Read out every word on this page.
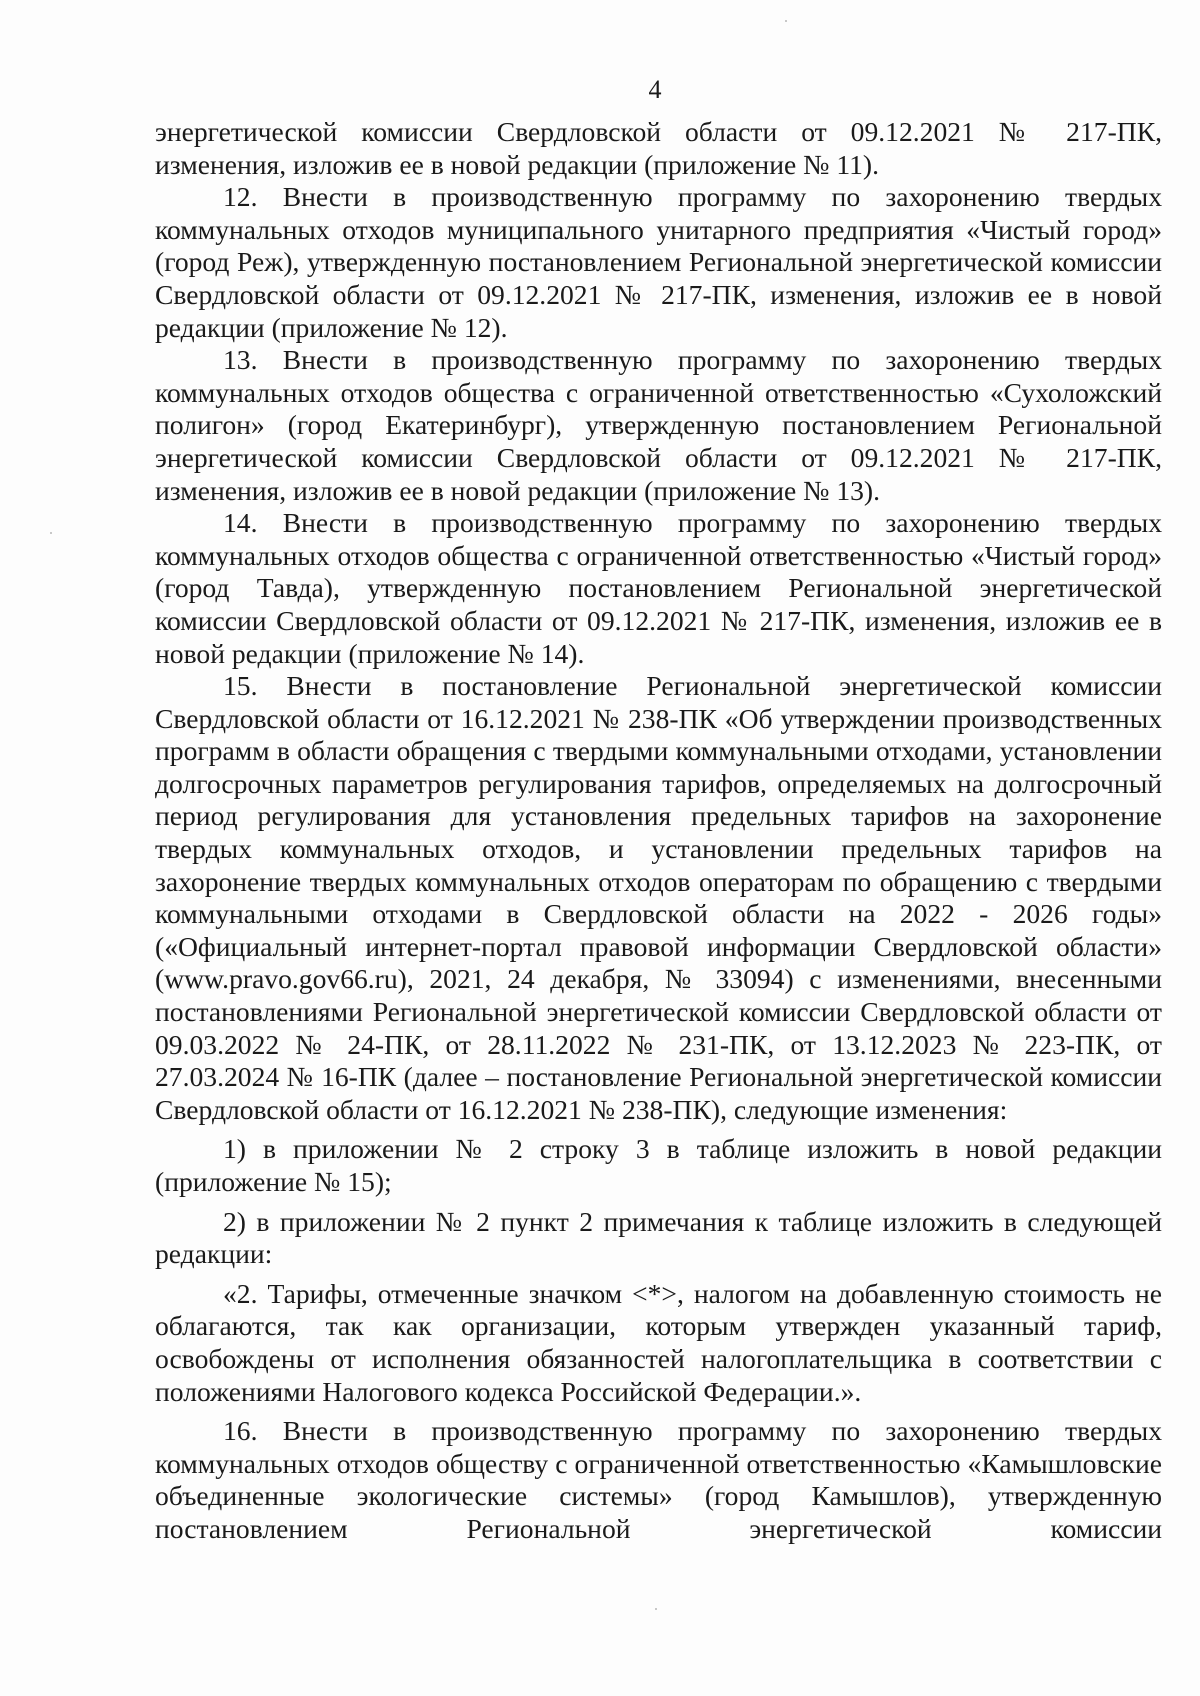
4

энергетической комиссии Свердловской области от 09.12.2021 № 217-ПК, изменения, изложив ее в новой редакции (приложение № 11).

12. Внести в производственную программу по захоронению твердых коммунальных отходов муниципального унитарного предприятия «Чистый город» (город Реж), утвержденную постановлением Региональной энергетической комиссии Свердловской области от 09.12.2021 № 217-ПК, изменения, изложив ее в новой редакции (приложение № 12).

13. Внести в производственную программу по захоронению твердых коммунальных отходов общества с ограниченной ответственностью «Сухоложский полигон» (город Екатеринбург), утвержденную постановлением Региональной энергетической комиссии Свердловской области от 09.12.2021 № 217-ПК, изменения, изложив ее в новой редакции (приложение № 13).

14. Внести в производственную программу по захоронению твердых коммунальных отходов общества с ограниченной ответственностью «Чистый город» (город Тавда), утвержденную постановлением Региональной энергетической комиссии Свердловской области от 09.12.2021 № 217-ПК, изменения, изложив ее в новой редакции (приложение № 14).

15. Внести в постановление Региональной энергетической комиссии Свердловской области от 16.12.2021 № 238-ПК «Об утверждении производственных программ в области обращения с твердыми коммунальными отходами, установлении долгосрочных параметров регулирования тарифов, определяемых на долгосрочный период регулирования для установления предельных тарифов на захоронение твердых коммунальных отходов, и установлении предельных тарифов на захоронение твердых коммунальных отходов операторам по обращению с твердыми коммунальными отходами в Свердловской области на 2022 - 2026 годы» («Официальный интернет-портал правовой информации Свердловской области» (www.pravo.gov66.ru), 2021, 24 декабря, № 33094) с изменениями, внесенными постановлениями Региональной энергетической комиссии Свердловской области от 09.03.2022 № 24-ПК, от 28.11.2022 № 231-ПК, от 13.12.2023 № 223-ПК, от 27.03.2024 № 16-ПК (далее – постановление Региональной энергетической комиссии Свердловской области от 16.12.2021 № 238-ПК), следующие изменения:

1) в приложении № 2 строку 3 в таблице изложить в новой редакции (приложение № 15);

2) в приложении № 2 пункт 2 примечания к таблице изложить в следующей редакции:

«2. Тарифы, отмеченные значком <*>, налогом на добавленную стоимость не облагаются, так как организации, которым утвержден указанный тариф, освобождены от исполнения обязанностей налогоплательщика в соответствии с положениями Налогового кодекса Российской Федерации.».

16. Внести в производственную программу по захоронению твердых коммунальных отходов обществу с ограниченной ответственностью «Камышловские объединенные экологические системы» (город Камышлов), утвержденную постановлением Региональной энергетической комиссии
